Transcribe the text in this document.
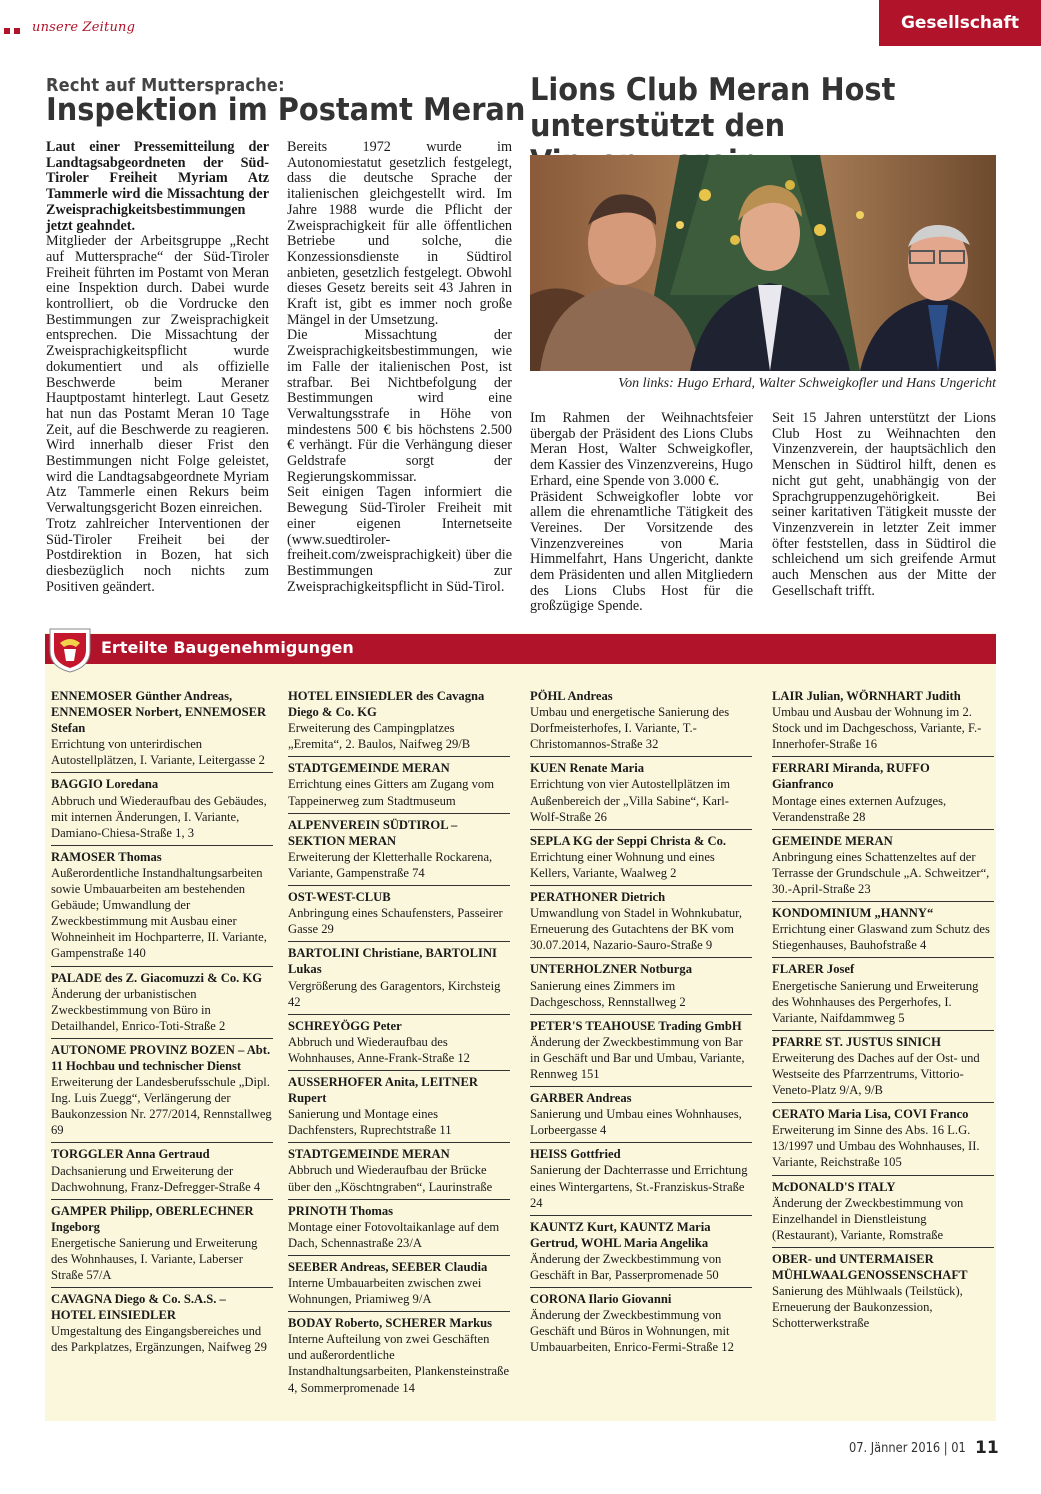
unsere Zeitung	Gesellschaft
Recht auf Muttersprache:
Inspektion im Postamt Meran

Laut einer Pressemitteilung der Landtagsabgeordneten der Süd-Tiroler Freiheit Myriam Atz Tammerle wird die Missachtung der Zweisprachigkeitsbestimmungen jetzt geahndet.

Mitglieder der Arbeitsgruppe „Recht auf Muttersprache“ der Süd-Tiroler Freiheit führten im Postamt von Meran eine Inspektion durch. Dabei wurde kontrolliert, ob die Vordrucke den Bestimmungen zur Zweisprachigkeit entsprechen. Die Missachtung der Zweisprachigkeitspflicht wurde dokumentiert und als offizielle Beschwerde beim Meraner Hauptpostamt hinterlegt. Laut Gesetz hat nun das Postamt Meran 10 Tage Zeit, auf die Beschwerde zu reagieren. Wird innerhalb dieser Frist den Bestimmungen nicht Folge geleistet, wird die Landtagsabgeordnete Myriam Atz Tammerle einen Rekurs beim Verwaltungsgericht Bozen einreichen.

Trotz zahlreicher Interventionen der Süd-Tiroler Freiheit bei der Postdirektion in Bozen, hat sich diesbezüglich noch nichts zum Positiven geändert.

Bereits 1972 wurde im Autonomiestatut gesetzlich festgelegt, dass die deutsche Sprache der italienischen gleichgestellt wird. Im Jahre 1988 wurde die Pflicht der Zweisprachigkeit für alle öffentlichen Betriebe und solche, die Konzessionsdienste in Südtirol anbieten, gesetzlich festgelegt. Obwohl dieses Gesetz bereits seit 43 Jahren in Kraft ist, gibt es immer noch große Mängel in der Umsetzung.

Die Missachtung der Zweisprachigkeitsbestimmungen, wie im Falle der italienischen Post, ist strafbar. Bei Nichtbefolgung der Bestimmungen wird eine Verwaltungsstrafe in Höhe von mindestens 500 € bis höchstens 2.500 € verhängt. Für die Verhängung dieser Geldstrafe sorgt der Regierungskommissar.

Seit einigen Tagen informiert die Bewegung Süd-Tiroler Freiheit mit einer eigenen Internetseite (www.suedtiroler-freiheit.com/zweisprachigkeit) über die Bestimmungen zur Zweisprachigkeitspflicht in Süd-Tirol.

Lions Club Meran Host unterstützt den
Von links: Hugo Erhard, Walter Schweigkofler und Hans Ungericht

Im Rahmen der Weihnachtsfeier übergab der Präsident des Lions Clubs Meran Host, Walter Schweigkofler, dem Kassier des Vinzenzvereins, Hugo Erhard, eine Spende von 3.000 €.

Präsident Schweigkofler lobte vor allem die ehrenamtliche Tätigkeit des Vereines. Der Vorsitzende des Vinzenzvereines von Maria Himmelfahrt, Hans Ungericht, dankte dem Präsidenten und allen Mitgliedern des Lions Clubs Host für die großzügige Spende.

Seit 15 Jahren unterstützt der Lions Club Host zu Weihnachten den Vinzenzverein, der hauptsächlich den Menschen in Südtirol hilft, denen es nicht gut geht, unabhängig von der Sprachgruppenzugehörigkeit. Bei seiner karitativen Tätigkeit musste der Vinzenzverein in letzter Zeit immer öfter feststellen, dass in Südtirol die schleichend um sich greifende Armut auch Menschen aus der Mitte der Gesellschaft trifft.

Erteilte Baugenehmigungen
ENNEMOSER Günther Andreas, ENNEMOSER Norbert, ENNEMOSER Stefan
Errichtung von unterirdischen Autostellplätzen, I. Variante, Leitergasse 2
BAGGIO Loredana
Abbruch und Wiederaufbau des Gebäudes, mit internen Änderungen, I. Variante, Damiano-Chiesa-Straße 1, 3
RAMOSER Thomas
Außerordentliche Instandhaltungsarbeiten sowie Umbauarbeiten am bestehenden Gebäude; Umwandlung der Zweckbestimmung mit Ausbau einer Wohneinheit im Hochparterre, II. Variante, Gampenstraße 140
PALADE des Z. Giacomuzzi & Co. KG
Änderung der urbanistischen Zweckbestimmung von Büro in Detailhandel, Enrico-Toti-Straße 2
AUTONOME PROVINZ BOZEN – Abt. 11 Hochbau und technischer Dienst
Erweiterung der Landesberufsschule „Dipl. Ing. Luis Zuegg“, Verlängerung der Baukonzession Nr. 277/2014, Rennstallweg 69
TORGGLER Anna Gertraud
Dachsanierung und Erweiterung der Dachwohnung, Franz-Defregger-Straße 4
GAMPER Philipp, OBERLECHNER Ingeborg
Energetische Sanierung und Erweiterung des Wohnhauses, I. Variante, Laberser Straße 57/A
CAVAGNA Diego & Co. S.A.S. – HOTEL EINSIEDLER
Umgestaltung des Eingangsbereiches und des Parkplatzes, Ergänzungen, Naifweg 29
HOTEL EINSIEDLER des Cavagna Diego & Co. KG
Erweiterung des Campingplatzes „Eremita“, 2. Baulos, Naifweg 29/B
STADTGEMEINDE MERAN
Errichtung eines Gitters am Zugang vom Tappeinerweg zum Stadtmuseum
ALPENVEREIN SÜDTIROL – SEKTION MERAN
Erweiterung der Kletterhalle Rockarena, Variante, Gampenstraße 74
OST-WEST-CLUB
Anbringung eines Schaufensters, Passeirer Gasse 29
BARTOLINI Christiane, BARTOLINI Lukas
Vergrößerung des Garagentors, Kirchsteig 42
SCHREYÖGG Peter
Abbruch und Wiederaufbau des Wohnhauses, Anne-Frank-Straße 12
AUSSERHOFER Anita, LEITNER Rupert
Sanierung und Montage eines Dachfensters, Ruprechtstraße 11
STADTGEMEINDE MERAN
Abbruch und Wiederaufbau der Brücke über den „Köschtngraben“, Laurinstraße
PRINOTH Thomas
Montage einer Fotovoltaikanlage auf dem Dach, Schennastraße 23/A
SEEBER Andreas, SEEBER Claudia
Interne Umbauarbeiten zwischen zwei Wohnungen, Priamiweg 9/A
BODAY Roberto, SCHERER Markus
Interne Aufteilung von zwei Geschäften und außerordentliche Instandhaltungsarbeiten, Plankensteinstraße 4, Sommerpromenade 14
PÖHL Andreas
Umbau und energetische Sanierung des Dorfmeisterhofes, I. Variante, T.-Christomannos-Straße 32
KUEN Renate Maria
Errichtung von vier Autostellplätzen im Außenbereich der „Villa Sabine“, Karl-Wolf-Straße 26
SEPLA KG der Seppi Christa & Co.
Errichtung einer Wohnung und eines Kellers, Variante, Waalweg 2
PERATHONER Dietrich
Umwandlung von Stadel in Wohnkubatur, Erneuerung des Gutachtens der BK vom 30.07.2014, Nazario-Sauro-Straße 9
UNTERHOLZNER Notburga
Sanierung eines Zimmers im Dachgeschoss, Rennstallweg 2
PETER'S TEAHOUSE Trading GmbH
Änderung der Zweckbestimmung von Bar in Geschäft und Bar und Umbau, Variante, Rennweg 151
GARBER Andreas
Sanierung und Umbau eines Wohnhauses, Lorbeergasse 4
HEISS Gottfried
Sanierung der Dachterrasse und Errichtung eines Wintergartens, St.-Franziskus-Straße 24
KAUNTZ Kurt, KAUNTZ Maria Gertrud, WOHL Maria Angelika
Änderung der Zweckbestimmung von Geschäft in Bar, Passerpromenade 50
CORONA Ilario Giovanni
Änderung der Zweckbestimmung von Geschäft und Büros in Wohnungen, mit Umbauarbeiten, Enrico-Fermi-Straße 12
LAIR Julian, WÖRNHART Judith
Umbau und Ausbau der Wohnung im 2. Stock und im Dachgeschoss, Variante, F.-Innerhofer-Straße 16
FERRARI Miranda, RUFFO Gianfranco
Montage eines externen Aufzuges, Verandenstraße 28
GEMEINDE MERAN
Anbringung eines Schattenzeltes auf der Terrasse der Grundschule „A. Schweitzer“, 30.-April-Straße 23
KONDOMINIUM „HANNY“
Errichtung einer Glaswand zum Schutz des Stiegenhauses, Bauhofstraße 4
FLARER Josef
Energetische Sanierung und Erweiterung des Wohnhauses des Pergerhofes, I. Variante, Naifdammweg 5
PFARRE ST. JUSTUS SINICH
Erweiterung des Daches auf der Ost- und Westseite des Pfarrzentrums, Vittorio-Veneto-Platz 9/A, 9/B
CERATO Maria Lisa, COVI Franco
Erweiterung im Sinne des Abs. 16 L.G. 13/1997 und Umbau des Wohnhauses, II. Variante, Reichstraße 105
McDONALD'S ITALY
Änderung der Zweckbestimmung von Einzelhandel in Dienstleistung (Restaurant), Variante, Romstraße
OBER- und UNTERMAISER MÜHLWAALGENOSSENSCHAFT
Sanierung des Mühlwaals (Teilstück), Erneuerung der Baukonzession, Schotterwerkstraße
07. Jänner 2016 | 01 11
